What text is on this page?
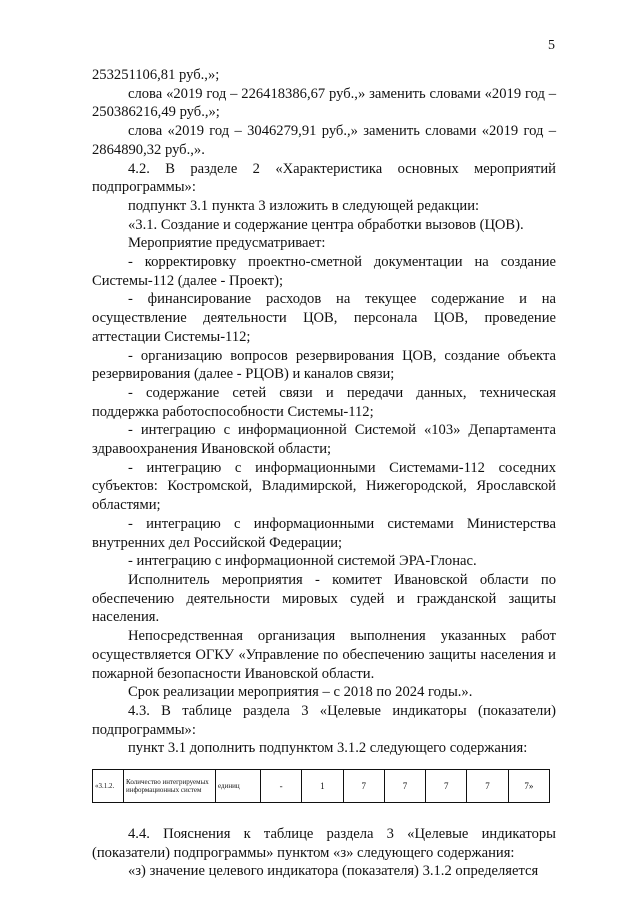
5

253251106,81 руб.,»;

слова «2019 год – 226418386,67 руб.,» заменить словами «2019 год – 250386216,49 руб.,»;

слова «2019 год – 3046279,91 руб.,» заменить словами «2019 год – 2864890,32 руб.,».

4.2. В разделе 2 «Характеристика основных мероприятий подпрограммы»:

подпункт 3.1 пункта 3 изложить в следующей редакции:

«3.1. Создание и содержание центра обработки вызовов (ЦОВ).

Мероприятие предусматривает:

- корректировку проектно-сметной документации на создание Системы-112 (далее - Проект);

- финансирование расходов на текущее содержание и на осуществление деятельности ЦОВ, персонала ЦОВ, проведение аттестации Системы-112;

- организацию вопросов резервирования ЦОВ, создание объекта резервирования (далее - РЦОВ) и каналов связи;

- содержание сетей связи и передачи данных, техническая поддержка работоспособности Системы-112;

- интеграцию с информационной Системой «103» Департамента здравоохранения Ивановской области;

- интеграцию с информационными Системами-112 соседних субъектов: Костромской, Владимирской, Нижегородской, Ярославской областями;

- интеграцию с информационными системами Министерства внутренних дел Российской Федерации;

- интеграцию с информационной системой ЭРА-Глонас.

Исполнитель мероприятия - комитет Ивановской области по обеспечению деятельности мировых судей и гражданской защиты населения.

Непосредственная организация выполнения указанных работ осуществляется ОГКУ «Управление по обеспечению защиты населения и пожарной безопасности Ивановской области.

Срок реализации мероприятия – с 2018 по 2024 годы.».

4.3. В таблице раздела 3 «Целевые индикаторы (показатели) подпрограммы»:

пункт 3.1 дополнить подпунктом 3.1.2 следующего содержания:

«3.1.2.	Количество интегрируемых информационных систем	единиц	-	1	7	7	7	7	7»

4.4. Пояснения к таблице раздела 3 «Целевые индикаторы (показатели) подпрограммы» пунктом «з» следующего содержания:

«з) значение целевого индикатора (показателя) 3.1.2 определяется
